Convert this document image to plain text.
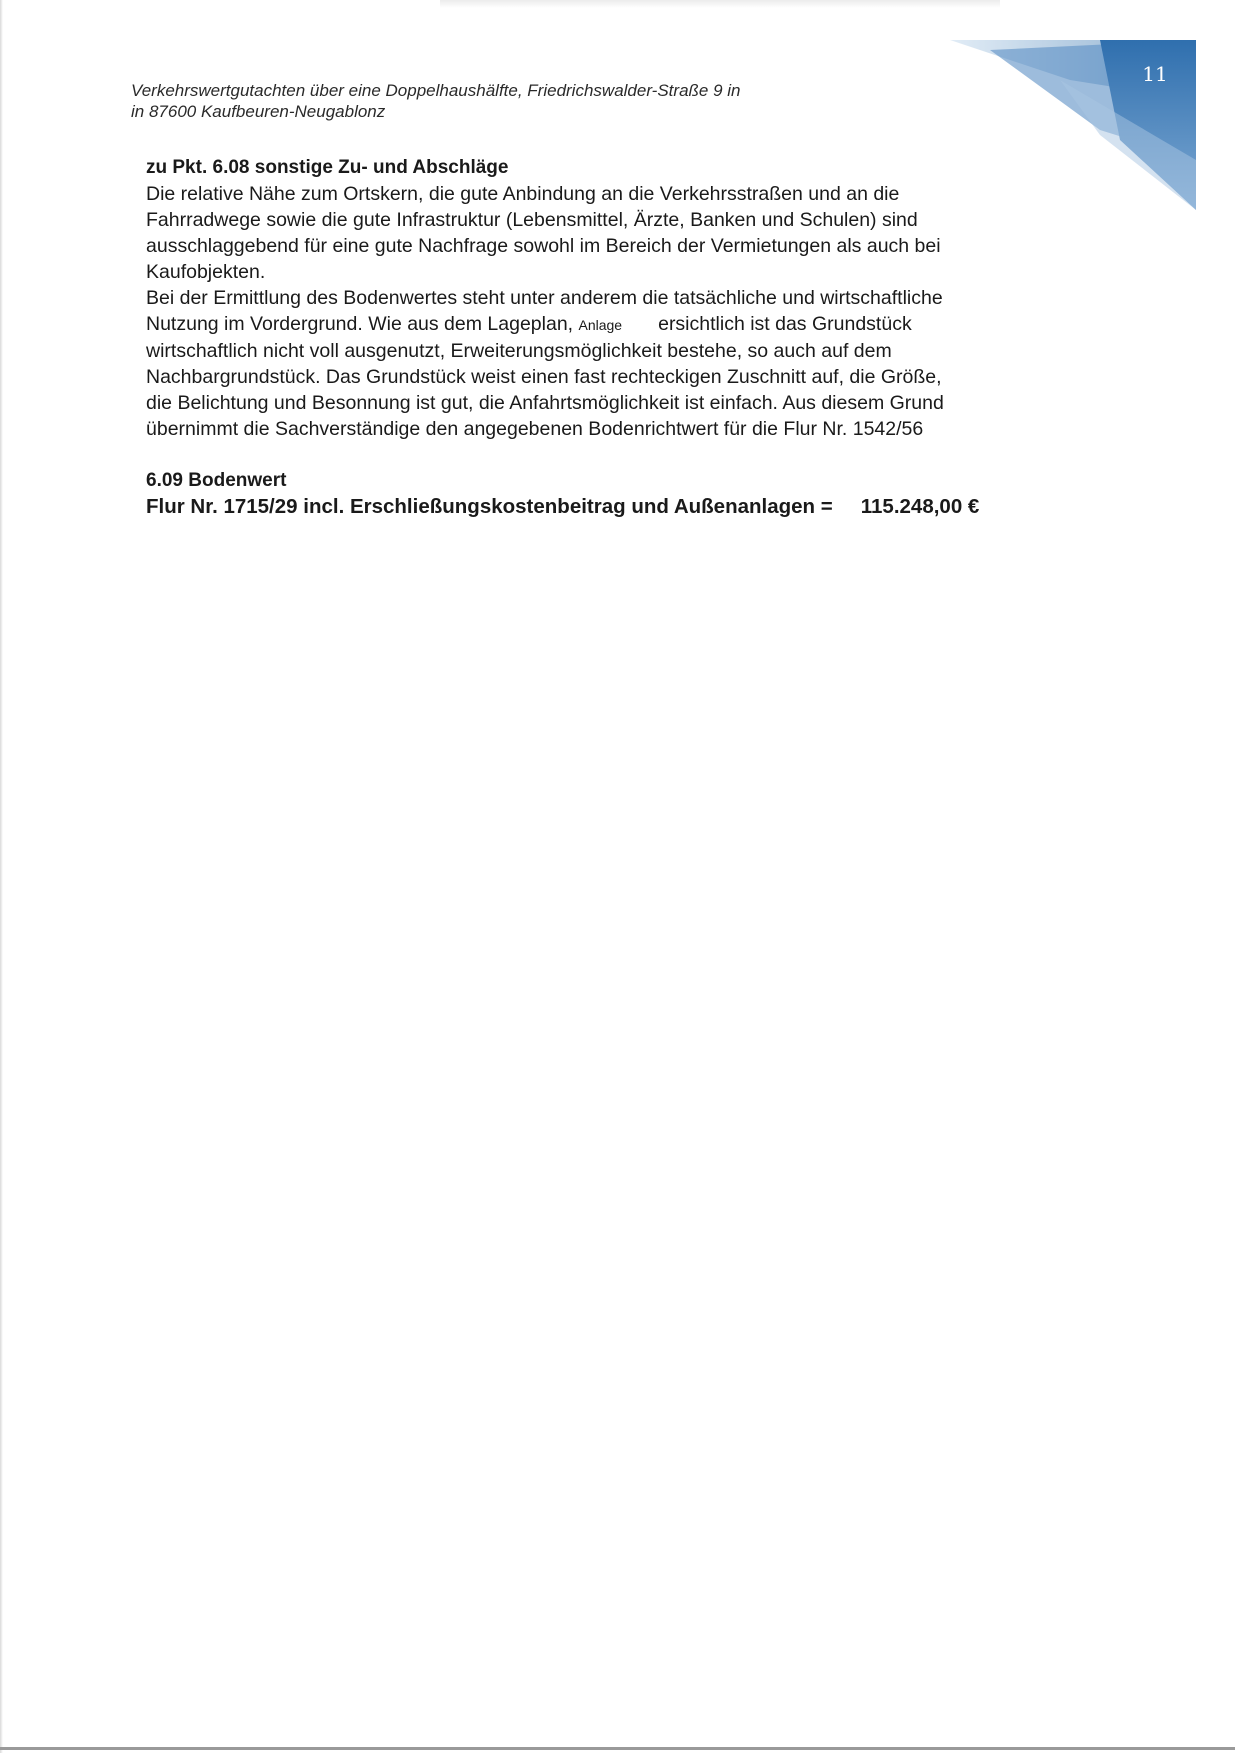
11
Verkehrswertgutachten über eine Doppelhaushälfte, Friedrichswalder-Straße 9 in
in 87600 Kaufbeuren-Neugablonz

zu Pkt. 6.08 sonstige Zu- und Abschläge

Die relative Nähe zum Ortskern, die gute Anbindung an die Verkehrsstraßen und an die

Fahrradwege sowie die gute Infrastruktur (Lebensmittel, Ärzte, Banken und Schulen) sind

ausschlaggebend für eine gute Nachfrage sowohl im Bereich der Vermietungen als auch bei

Kaufobjekten.

Bei der Ermittlung des Bodenwertes steht unter anderem die tatsächliche und wirtschaftliche

Nutzung im Vordergrund. Wie aus dem Lageplan, Anlage ersichtlich ist das Grundstück

wirtschaftlich nicht voll ausgenutzt, Erweiterungsmöglichkeit bestehe, so auch auf dem

Nachbargrundstück. Das Grundstück weist einen fast rechteckigen Zuschnitt auf, die Größe,

die Belichtung und Besonnung ist gut, die Anfahrtsmöglichkeit ist einfach. Aus diesem Grund

übernimmt die Sachverständige den angegebenen Bodenrichtwert für die Flur Nr. 1542/56

6.09 Bodenwert

Flur Nr. 1715/29 incl. Erschließungskostenbeitrag und Außenanlagen = 115.248,00 €
